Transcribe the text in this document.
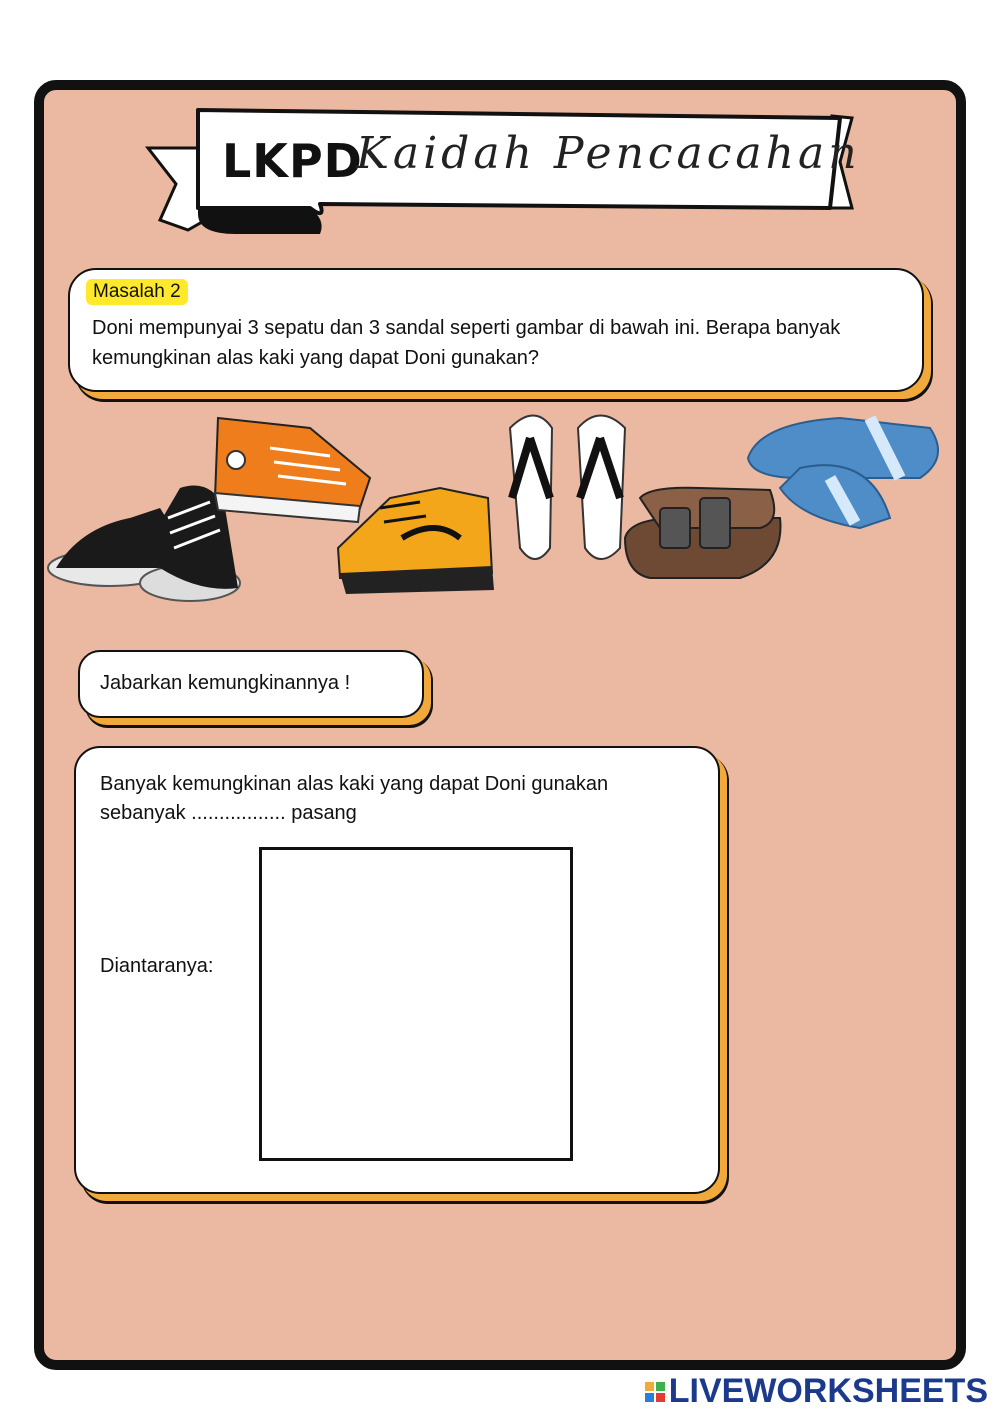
LKPD
Kaidah Pencacahan
Masalah 2
Doni mempunyai 3 sepatu dan 3 sandal seperti gambar di bawah ini. Berapa banyak kemungkinan alas kaki yang dapat Doni gunakan?
Jabarkan kemungkinannya !
Banyak kemungkinan alas kaki yang dapat Doni gunakan
sebanyak ................. pasang
Diantaranya:
LIVEWORKSHEETS
